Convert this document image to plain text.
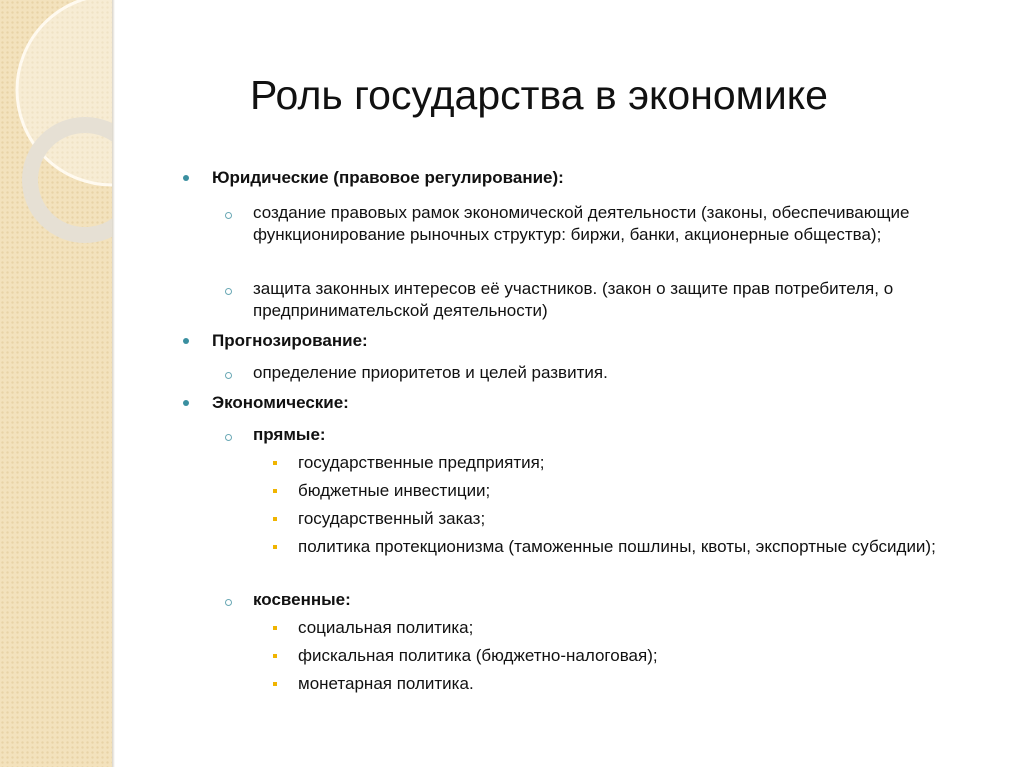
Роль государства в экономике
Юридические (правовое регулирование):
создание правовых рамок экономической деятельности (законы, обеспечивающие функционирование рыночных структур: биржи, банки, акционерные общества);
защита законных интересов её участников. (закон о защите прав потребителя, о предпринимательской деятельности)
Прогнозирование:
определение приоритетов и целей развития.
Экономические:
прямые:
государственные предприятия;
бюджетные инвестиции;
государственный заказ;
политика протекционизма (таможенные пошлины, квоты, экспортные субсидии);
косвенные:
социальная политика;
фискальная политика (бюджетно-налоговая);
монетарная политика.
